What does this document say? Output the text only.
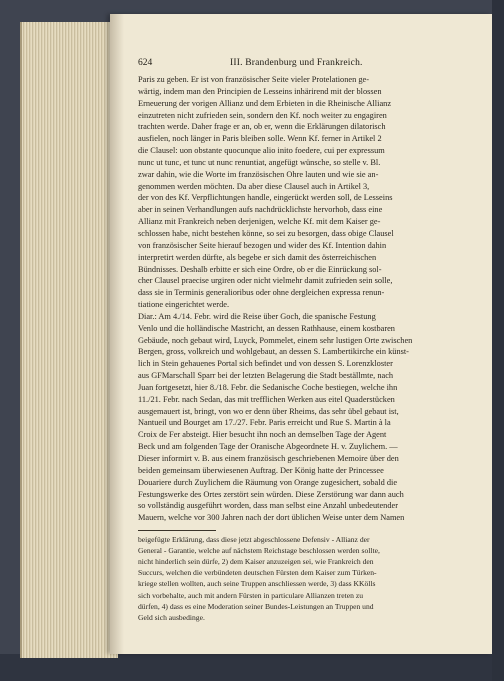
624	III. Brandenburg und Frankreich.
Paris zu geben. Er ist von französischer Seite vieler Protelationen ge-
wärtig, indem man den Principien de Lesseins inhärirend mit der blossen
Erneuerung der vorigen Allianz und dem Erbieten in die Rheinische Allianz
einzutreten nicht zufrieden sein, sondern den Kf. noch weiter zu engagiren
trachten werde. Daher frage er an, ob er, wenn die Erklärungen dilatorisch
ausfielen, noch länger in Paris bleiben solle. Wenn Kf. ferner in Artikel 2
die Clausel: uon obstante quocunque alio inito foedere, cui per expressum
nunc ut tunc, et tunc ut nunc renuntiat, angefügt wünsche, so stelle v. Bl.
zwar dahin, wie die Worte im französischen Ohre lauten und wie sie an-
genommen werden möchten. Da aber diese Clausel auch in Artikel 3,
der von des Kf. Verpflichtungen handle, eingerückt werden soll, de Lesseins
aber in seinen Verhandlungen aufs nachdrücklichste hervorhob, dass eine
Allianz mit Frankreich neben derjenigen, welche Kf. mit dem Kaiser ge-
schlossen habe, nicht bestehen könne, so sei zu besorgen, dass obige Clausel
von französischer Seite hierauf bezogen und wider des Kf. Intention dahin
interpretirt werden dürfte, als begebe er sich damit des österreichischen
Bündnisses. Deshalb erbitte er sich eine Ordre, ob er die Einrückung sol-
cher Clausel praecise urgiren oder nicht vielmehr damit zufrieden sein solle,
dass sie in Terminis generalioribus oder ohne dergleichen expressa renun-
tiatione eingerichtet werde.
Diar.: Am 4./14. Febr. wird die Reise über Goch, die spanische Festung
Venlo und die holländische Mastricht, an dessen Rathhause, einem kostbaren
Gebäude, noch gebaut wird, Luyck, Pommelet, einem sehr lustigen Orte zwischen
Bergen, gross, volkreich und wohlgebaut, an dessen S. Lambertikirche ein künst-
lich in Stein gehauenes Portal sich befindet und von dessen S. Lorenzkloster
aus GFMarschall Sparr bei der letzten Belagerung die Stadt beställmte, nach
Juan fortgesetzt, hier 8./18. Febr. die Sedanische Coche bestiegen, welche ihn
11./21. Febr. nach Sedan, das mit trefflichen Werken aus eitel Quaderstücken
ausgemauert ist, bringt, von wo er denn über Rheims, das sehr übel gebaut ist,
Nantueil und Bourget am 17./27. Febr. Paris erreicht und Rue S. Martin à la
Croix de Fer absteigt. Hier besucht ihn noch an demselben Tage der Agent
Beck und am folgenden Tage der Oranische Abgeordnete H. v. Zuylichem. —
Dieser informirt v. B. aus einem französisch geschriebenen Memoire über den
beiden gemeinsam überwiesenen Auftrag. Der König hatte der Princessee
Douariere durch Zuylichem die Räumung von Orange zugesichert, sobald die
Festungswerke des Ortes zerstört sein würden. Diese Zerstörung war dann auch
so vollständig ausgeführt worden, dass man selbst eine Anzahl unbedeutender
Mauern, welche vor 300 Jahren nach der dort üblichen Weise unter dem Namen
beigefügte Erklärung, dass diese jetzt abgeschlossene Defensiv - Allianz der
General - Garantie, welche auf nächstem Reichstage beschlossen werden sollte,
nicht hinderlich sein dürfe, 2) dem Kaiser anzuzeigen sei, wie Frankreich den
Succurs, welchen die verbündeten deutschen Fürsten dem Kaiser zum Türken-
kriege stellen wollten, auch seine Truppen anschliessen werde, 3) dass KKölls
sich vorbehalte, auch mit andern Fürsten in particulare Allianzen treten zu
dürfen, 4) dass es eine Moderation seiner Bundes-Leistungen an Truppen und
Geld sich ausbedinge.
